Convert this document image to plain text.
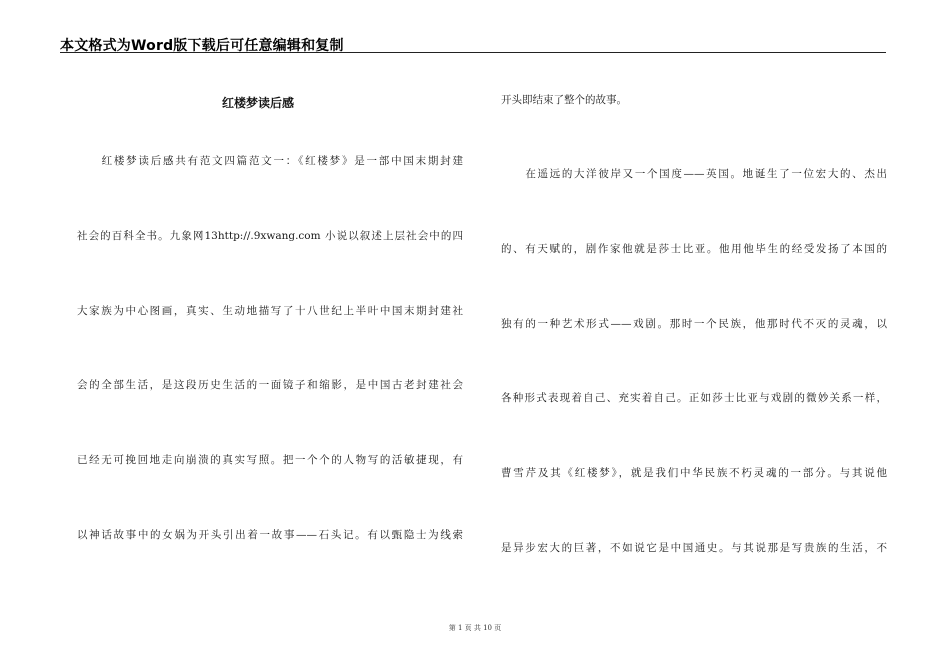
本文格式为Word版下载后可任意编辑和复制
红楼梦读后感
　　红楼梦读后感共有范文四篇范文一：《红楼梦》是一部中国末期封建
社会的百科全书。九象网13http://.9xwang.com 小说以叙述上层社会中的四
大家族为中心图画，真实、生动地描写了十八世纪上半叶中国末期封建社
会的全部生活，是这段历史生活的一面镜子和缩影，是中国古老封建社会
已经无可挽回地走向崩溃的真实写照。把一个个的人物写的活敏捷现，有
以神话故事中的女娲为开头引出着一故事——石头记。有以甄隐士为线索
开头即结束了整个的故事。
　　在遥远的大洋彼岸又一个国度——英国。地诞生了一位宏大的、杰出
的、有天赋的，剧作家他就是莎士比亚。他用他毕生的经受发扬了本国的
独有的一种艺术形式——戏剧。那时一个民族，他那时代不灭的灵魂，以
各种形式表现着自己、充实着自己。正如莎士比亚与戏剧的微妙关系一样，
曹雪芹及其《红楼梦》，就是我们中华民族不朽灵魂的一部分。与其说他
是异步宏大的巨著，不如说它是中国通史。与其说那是写贵族的生活，不
第 1 页 共 10 页
